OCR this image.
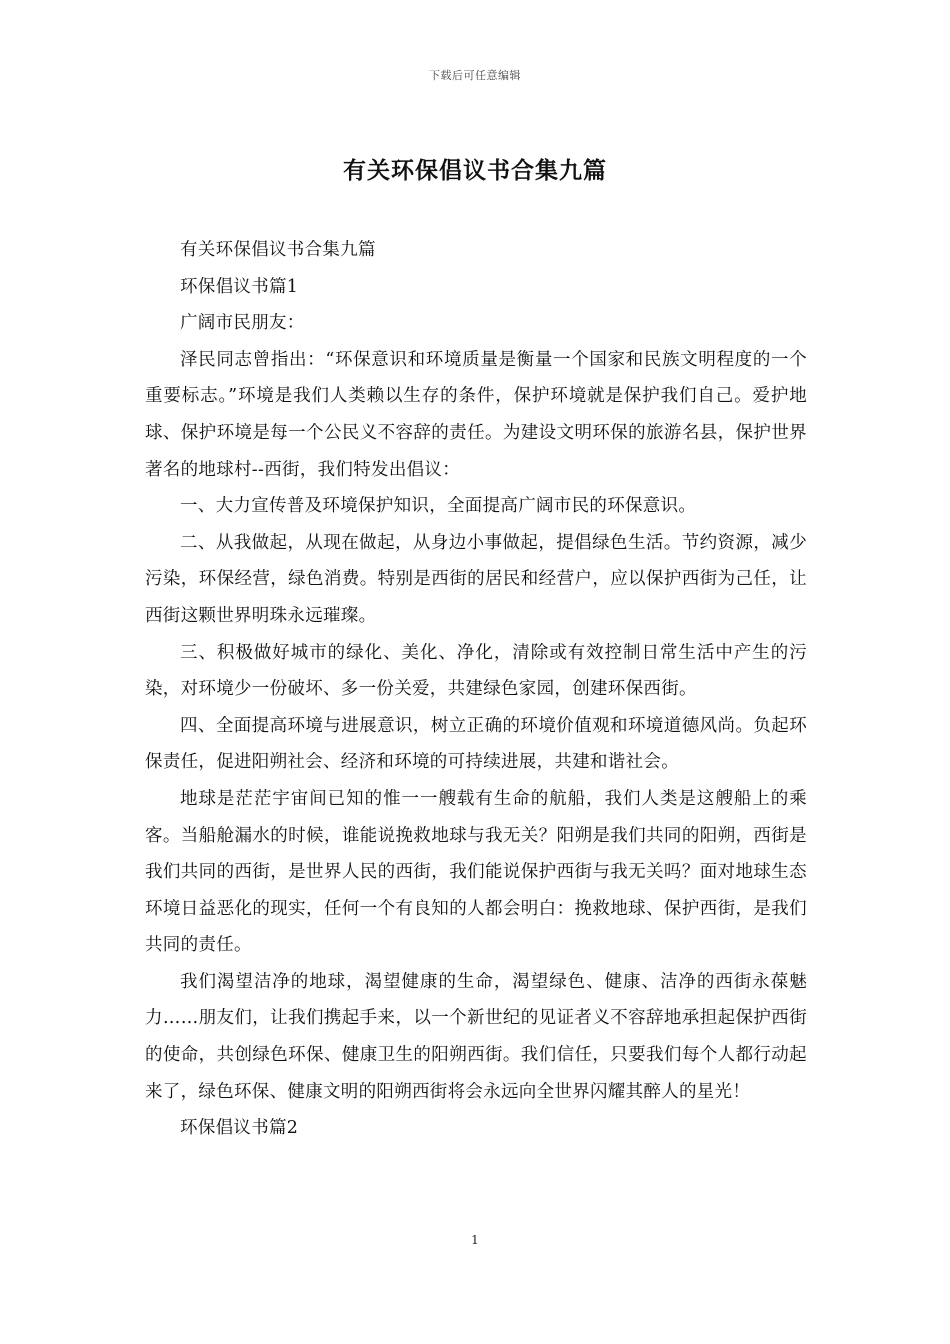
下载后可任意编辑
有关环保倡议书合集九篇

有关环保倡议书合集九篇

环保倡议书篇1

广阔市民朋友：

泽民同志曾指出：“环保意识和环境质量是衡量一个国家和民族文明程度的一个重要标志。”环境是我们人类赖以生存的条件，保护环境就是保护我们自己。爱护地球、保护环境是每一个公民义不容辞的责任。为建设文明环保的旅游名县，保护世界著名的地球村--西街，我们特发出倡议：

一、大力宣传普及环境保护知识，全面提高广阔市民的环保意识。

二、从我做起，从现在做起，从身边小事做起，提倡绿色生活。节约资源，减少污染，环保经营，绿色消费。特别是西街的居民和经营户，应以保护西街为己任，让西街这颗世界明珠永远璀璨。

三、积极做好城市的绿化、美化、净化，清除或有效控制日常生活中产生的污染，对环境少一份破坏、多一份关爱，共建绿色家园，创建环保西街。

四、全面提高环境与进展意识，树立正确的环境价值观和环境道德风尚。负起环保责任，促进阳朔社会、经济和环境的可持续进展，共建和谐社会。

地球是茫茫宇宙间已知的惟一一艘载有生命的航船，我们人类是这艘船上的乘客。当船舱漏水的时候，谁能说挽救地球与我无关？阳朔是我们共同的阳朔，西街是我们共同的西街，是世界人民的西街，我们能说保护西街与我无关吗？面对地球生态环境日益恶化的现实，任何一个有良知的人都会明白：挽救地球、保护西街，是我们共同的责任。

我们渴望洁净的地球，渴望健康的生命，渴望绿色、健康、洁净的西街永葆魅力……朋友们，让我们携起手来，以一个新世纪的见证者义不容辞地承担起保护西街的使命，共创绿色环保、健康卫生的阳朔西街。我们信任，只要我们每个人都行动起来了，绿色环保、健康文明的阳朔西街将会永远向全世界闪耀其醉人的星光！

环保倡议书篇2

1
